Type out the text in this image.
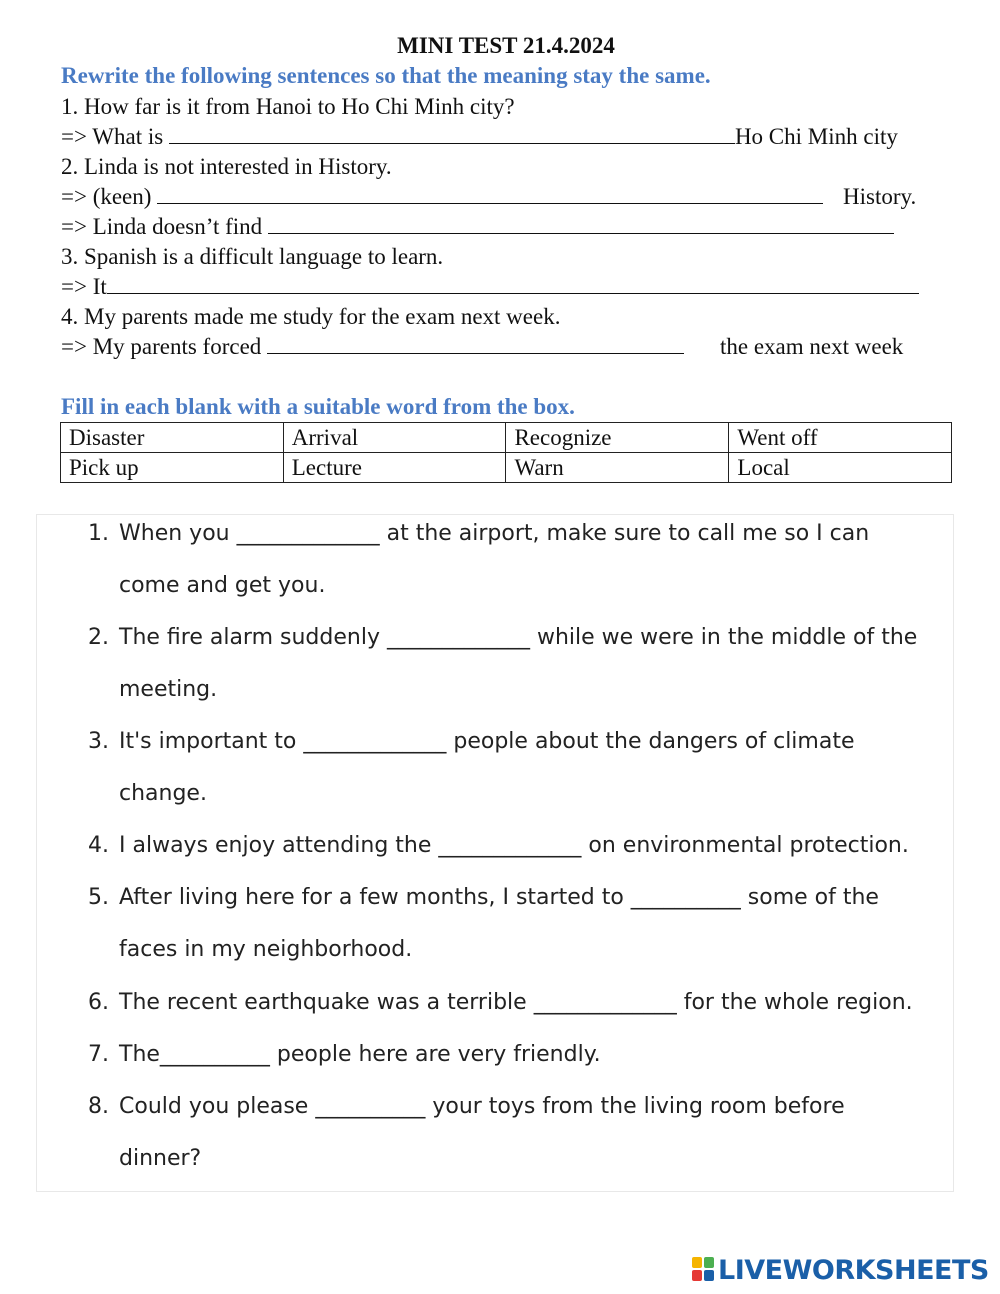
MINI TEST 21.4.2024
Rewrite the following sentences so that the meaning stay the same.
1. How far is it from Hanoi to Ho Chi Minh city?
=> What is	Ho Chi Minh city
2. Linda is not interested in History.
=> (keen)	History.
=> Linda doesn’t find
3. Spanish is a difficult language to learn.
=> It
4. My parents made me study for the exam next week.
=> My parents forced	the exam next week
Fill in each blank with a suitable word from the box.
Disaster	Arrival	Recognize	Went off
Pick up	Lecture	Warn	Local
1. When you _____________ at the airport, make sure to call me so I can
come and get you.
2. The fire alarm suddenly _____________ while we were in the middle of the
meeting.
3. It's important to _____________ people about the dangers of climate
change.
4. I always enjoy attending the _____________ on environmental protection.
5. After living here for a few months, I started to __________ some of the
faces in my neighborhood.
6. The recent earthquake was a terrible _____________ for the whole region.
7. The__________ people here are very friendly.
8. Could you please __________ your toys from the living room before
dinner?
LIVEWORKSHEETS
